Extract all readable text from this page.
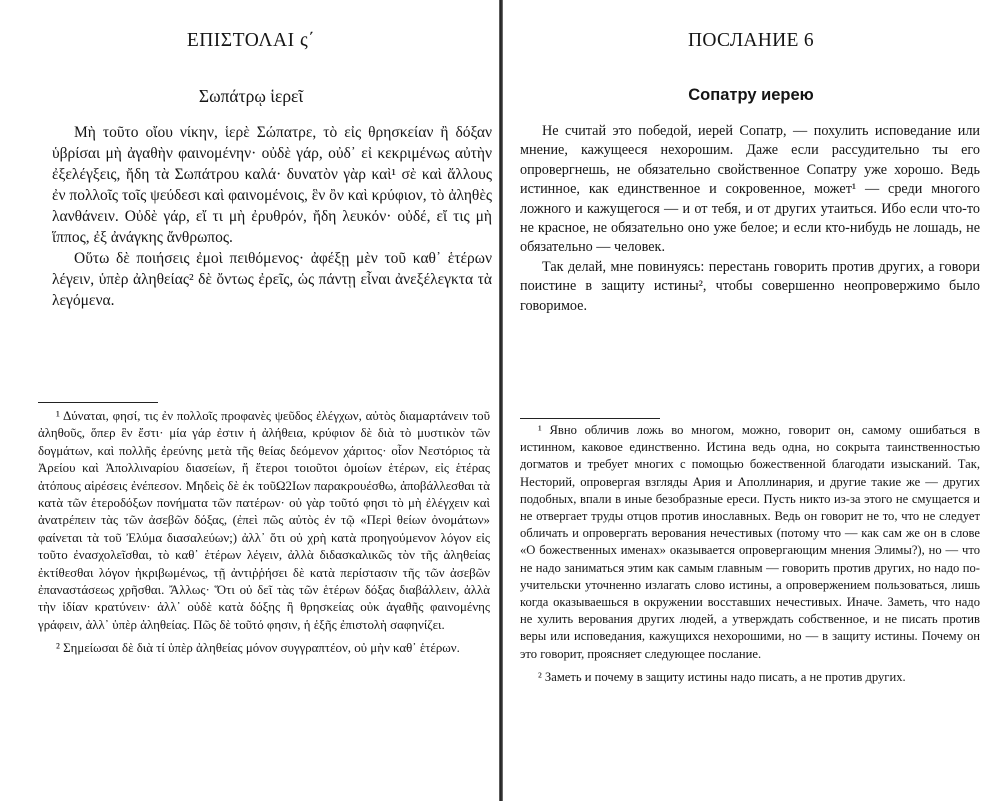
ΕΠΙΣΤΟΛΑΙ ς΄
Σωπάτρῳ ἱερεῖ

Μὴ τοῦτο οἴου νίκην, ἱερὲ Σώπατρε, τὸ εἰς θρησκείαν ἢ δόξαν ὑβρίσαι μὴ ἀγαθὴν φαινομένην· οὐδὲ γάρ, οὐδ᾿ εἰ κεκριμένως αὐτὴν ἐξελέγξεις, ἤδη τὰ Σωπάτρου καλά· δυνατὸν γὰρ καὶ¹ σὲ καὶ ἄλλους ἐν πολλοῖς τοῖς ψεύδεσι καὶ φαινομένοις, ἓν ὂν καὶ κρύφιον, τὸ ἀληθὲς λανθάνειν. Οὐδὲ γάρ, εἴ τι μὴ ἐρυθρόν, ἤδη λευκόν· οὐδέ, εἴ τις μὴ ἵππος, ἐξ ἀνάγκης ἄνθρωπος.

Οὕτω δὲ ποιήσεις ἐμοὶ πειθόμενος· ἀφέξῃ μὲν τοῦ καθ᾿ ἑτέρων λέγειν, ὑπὲρ ἀληθείας² δὲ ὄντως ἐρεῖς, ὡς πάντῃ εἶναι ἀνεξέλεγκτα τὰ λεγόμενα.

¹ Δύναται, φησί, τις ἐν πολλοῖς προφανὲς ψεῦδος ἐλέγχων, αὐτὸς διαμαρτάνειν τοῦ ἀληθοῦς, ὅπερ ἓν ἔστι· μία γάρ ἐστιν ἡ ἀλήθεια, κρύφιον δὲ διὰ τὸ μυστικὸν τῶν δογμάτων, καὶ πολλῆς ἐρεύνης μετὰ τῆς θείας δεόμενον χάριτος· οἷον Νεστόριος τὰ Ἀρείου καὶ Ἀπολλιναρίου διασείων, ἥ ἕτεροι τοιοῦτοι ὁμοίων ἑτέρων, εἰς ἑτέρας ἀτόπους αἱρέσεις ἐνέπεσον. Μηδεὶς δὲ ἐκ τοῦΩ2Ιων παρακρουέσθω, ἀποβάλλεσθαι τὰ κατὰ τῶν ἑτεροδόξων πονήματα τῶν πατέρων· οὐ γὰρ τοῦτό φησι τὸ μὴ ἐλέγχειν καὶ ἀνατρέπειν τὰς τῶν ἀσεβῶν δόξας, (ἐπεὶ πῶς αὐτὸς ἐν τῷ «Περὶ θείων ὀνομάτων» φαίνεται τὰ τοῦ Ἐλύμα διασαλεύων;) ἀλλ᾿ ὅτι οὐ χρὴ κατὰ προηγούμενον λόγον εἰς τοῦτο ἐνασχολεῖσθαι, τὸ καθ᾿ ἑτέρων λέγειν, ἀλλὰ διδασκαλικῶς τὸν τῆς ἀληθείας ἐκτίθεσθαι λόγον ἠκριβωμένως, τῇ ἀντιῤῥήσει δὲ κατὰ περίστασιν τῆς τῶν ἀσεβῶν ἐπαναστάσεως χρῆσθαι. Ἄλλως· Ὅτι οὐ δεῖ τὰς τῶν ἑτέρων δόξας διαβάλλειν, ἀλλὰ τὴν ἰδίαν κρατύνειν· ἀλλ᾿ οὐδὲ κατὰ δόξης ἢ θρησκείας οὐκ ἀγαθῆς φαινομένης γράφειν, ἀλλ᾿ ὑπὲρ ἀληθείας. Πῶς δὲ τοῦτό φησιν, ἡ ἑξῆς ἐπιστολὴ σαφηνίζει.

² Σημείωσαι δὲ διὰ τί ὑπὲρ ἀληθείας μόνον συγγραπτέον, οὐ μὴν καθ᾿ ἑτέρων.

ПОСЛАНИЕ 6
Сопатру иерею

Не считай это победой, иерей Сопатр, — похулить исповедание или мнение, кажущееся нехорошим. Даже если рассудительно ты его опровергнешь, не обязательно свойственное Сопатру уже хорошо. Ведь истинное, как единственное и сокровенное, может¹ — среди многого ложного и кажущегося — и от тебя, и от других утаиться. Ибо если что-то не красное, не обязательно оно уже белое; и если кто-нибудь не лошадь, не обязательно — человек.

Так делай, мне повинуясь: перестань говорить против других, а говори поистине в защиту истины², чтобы совершенно неопровержимо было говоримое.

¹ Явно обличив ложь во многом, можно, говорит он, самому ошибаться в истинном, каковое единственно. Истина ведь одна, но сокрыта таинственностью догматов и требует многих с помощью божественной благодати изысканий. Так, Несторий, опровергая взгляды Ария и Аполлинария, и другие такие же — других подобных, впали в иные безобразные ереси. Пусть никто из-за этого не смущается и не отвергает труды отцов против инославных. Ведь он говорит не то, что не следует обличать и опровергать верования нечестивых (потому что — как сам же он в слове «О божественных именах» оказывается опровергающим мнения Элимы?), но — что не надо заниматься этим как самым главным — говорить против других, но надо по-учительски уточненно излагать слово истины, а опровержением пользоваться, лишь когда оказываешься в окружении восставших нечестивых. Иначе. Заметь, что надо не хулить верования других людей, а утверждать собственное, и не писать против веры или исповедания, кажущихся нехорошими, но — в защиту истины. Почему он это говорит, проясняет следующее послание.

² Заметь и почему в защиту истины надо писать, а не против других.
